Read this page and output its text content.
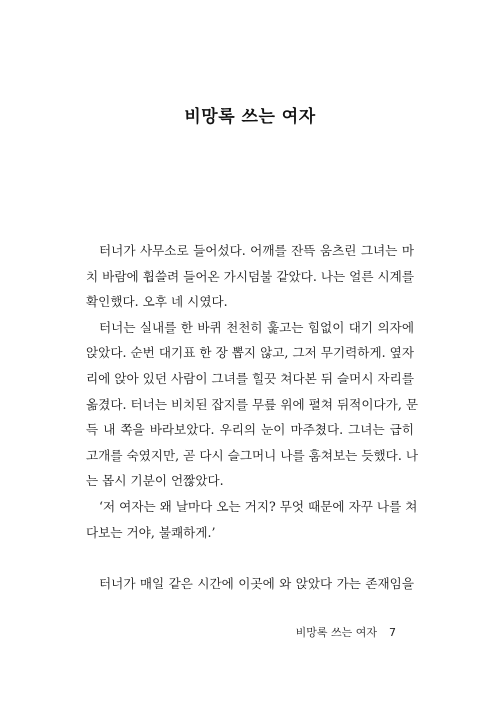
비망록 쓰는 여자
터너가 사무소로 들어섰다. 어깨를 잔뜩 움츠린 그녀는 마
치 바람에 휩쓸려 들어온 가시덤불 같았다. 나는 얼른 시계를
확인했다. 오후 네 시였다.
터너는 실내를 한 바퀴 천천히 훑고는 힘없이 대기 의자에
앉았다. 순번 대기표 한 장 뽑지 않고, 그저 무기력하게. 옆자
리에 앉아 있던 사람이 그녀를 힐끗 쳐다본 뒤 슬머시 자리를
옮겼다. 터너는 비치된 잡지를 무릎 위에 펼쳐 뒤적이다가, 문
득 내 쪽을 바라보았다. 우리의 눈이 마주쳤다. 그녀는 급히
고개를 숙였지만, 곧 다시 슬그머니 나를 훔쳐보는 듯했다. 나
는 몹시 기분이 언짢았다.
‘저 여자는 왜 날마다 오는 거지? 무엇 때문에 자꾸 나를 쳐
다보는 거야, 불쾌하게.’
터너가 매일 같은 시간에 이곳에 와 앉았다 가는 존재임을
비망록 쓰는 여자 7
